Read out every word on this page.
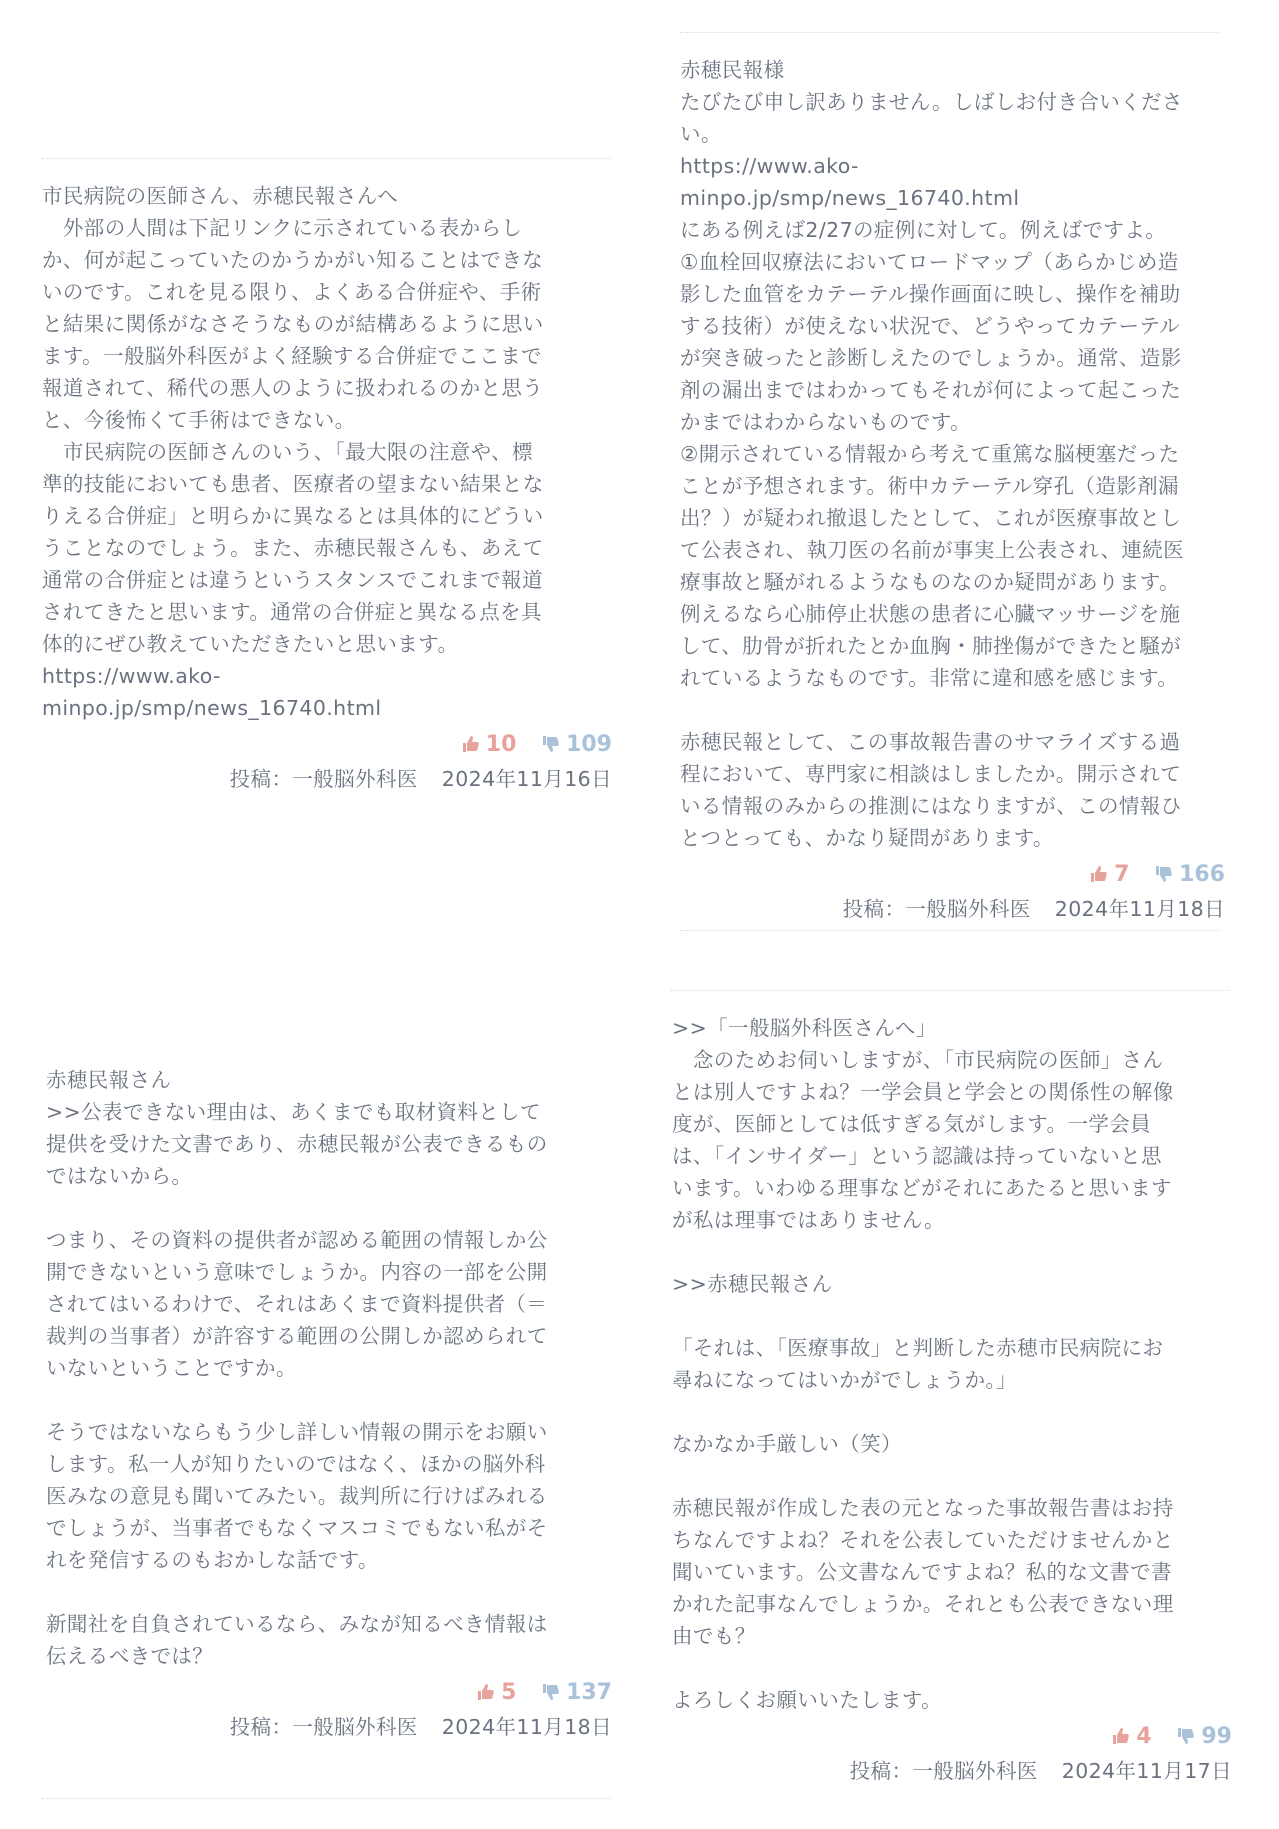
市民病院の医師さん、赤穂民報さんへ
　外部の人間は下記リンクに示されている表からし
か、何が起こっていたのかうかがい知ることはできな
いのです。これを見る限り、よくある合併症や、手術
と結果に関係がなさそうなものが結構あるように思い
ます。一般脳外科医がよく経験する合併症でここまで
報道されて、稀代の悪人のように扱われるのかと思う
と、今後怖くて手術はできない。
　市民病院の医師さんのいう、「最大限の注意や、標
準的技能においても患者、医療者の望まない結果とな
りえる合併症」と明らかに異なるとは具体的にどうい
うことなのでしょう。また、赤穂民報さんも、あえて
通常の合併症とは違うというスタンスでこれまで報道
されてきたと思います。通常の合併症と異なる点を具
体的にぜひ教えていただきたいと思います。
https://www.ako-
minpo.jp/smp/news_16740.html

10 109
投稿：一般脳外科医 2024年11月16日

赤穂民報様
たびたび申し訳ありません。しばしお付き合いくださ
い。
https://www.ako-
minpo.jp/smp/news_16740.html
にある例えば2/27の症例に対して。例えばですよ。
①血栓回収療法においてロードマップ（あらかじめ造
影した血管をカテーテル操作画面に映し、操作を補助
する技術）が使えない状況で、どうやってカテーテル
が突き破ったと診断しえたのでしょうか。通常、造影
剤の漏出まではわかってもそれが何によって起こった
かまではわからないものです。
②開示されている情報から考えて重篤な脳梗塞だった
ことが予想されます。術中カテーテル穿孔（造影剤漏
出？）が疑われ撤退したとして、これが医療事故とし
て公表され、執刀医の名前が事実上公表され、連続医
療事故と騒がれるようなものなのか疑問があります。
例えるなら心肺停止状態の患者に心臓マッサージを施
して、肋骨が折れたとか血胸・肺挫傷ができたと騒が
れているようなものです。非常に違和感を感じます。

赤穂民報として、この事故報告書のサマライズする過
程において、専門家に相談はしましたか。開示されて
いる情報のみからの推測にはなりますが、この情報ひ
とつとっても、かなり疑問があります。

7 166
投稿：一般脳外科医 2024年11月18日

赤穂民報さん
>>公表できない理由は、あくまでも取材資料として
提供を受けた文書であり、赤穂民報が公表できるもの
ではないから。

つまり、その資料の提供者が認める範囲の情報しか公
開できないという意味でしょうか。内容の一部を公開
されてはいるわけで、それはあくまで資料提供者（＝
裁判の当事者）が許容する範囲の公開しか認められて
いないということですか。

そうではないならもう少し詳しい情報の開示をお願い
します。私一人が知りたいのではなく、ほかの脳外科
医みなの意見も聞いてみたい。裁判所に行けばみれる
でしょうが、当事者でもなくマスコミでもない私がそ
れを発信するのもおかしな話です。

新聞社を自負されているなら、みなが知るべき情報は
伝えるべきでは？

5 137
投稿：一般脳外科医 2024年11月18日

>>「一般脳外科医さんへ」
　念のためお伺いしますが、「市民病院の医師」さん
とは別人ですよね？一学会員と学会との関係性の解像
度が、医師としては低すぎる気がします。一学会員
は、「インサイダー」という認識は持っていないと思
います。いわゆる理事などがそれにあたると思います
が私は理事ではありません。

>>赤穂民報さん

「それは、「医療事故」と判断した赤穂市民病院にお
尋ねになってはいかがでしょうか。」

なかなか手厳しい（笑）

赤穂民報が作成した表の元となった事故報告書はお持
ちなんですよね？それを公表していただけませんかと
聞いています。公文書なんですよね？私的な文書で書
かれた記事なんでしょうか。それとも公表できない理
由でも？

よろしくお願いいたします。

4 99
投稿：一般脳外科医 2024年11月17日
